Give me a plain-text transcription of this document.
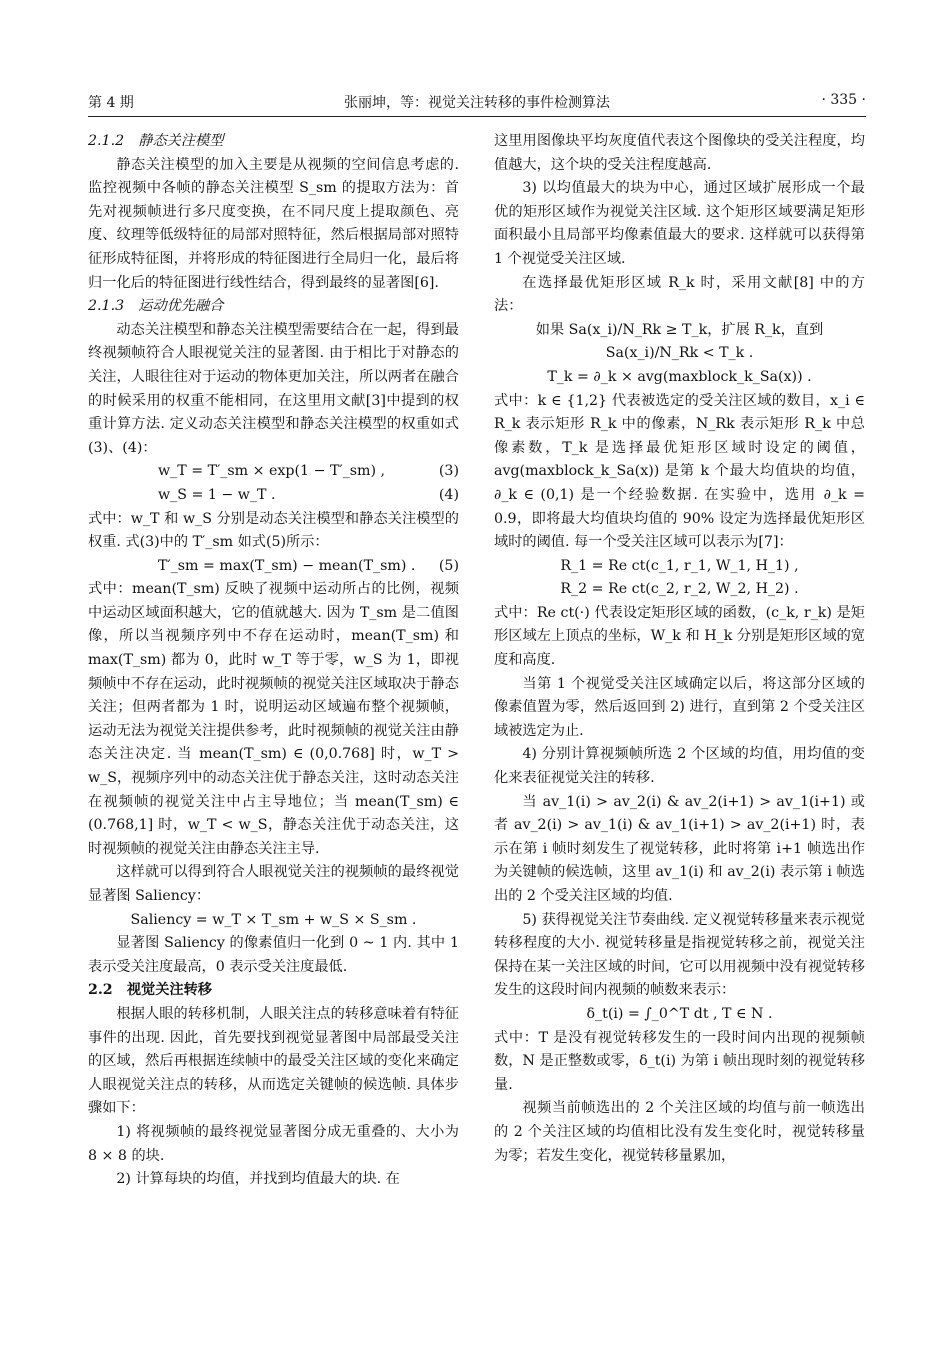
第 4 期	张丽坤，等：视觉关注转移的事件检测算法	· 335 ·

2.1.2　静态关注模型

静态关注模型的加入主要是从视频的空间信息考虑的. 监控视频中各帧的静态关注模型 S_sm 的提取方法为：首先对视频帧进行多尺度变换，在不同尺度上提取颜色、亮度、纹理等低级特征的局部对照特征，然后根据局部对照特征形成特征图，并将形成的特征图进行全局归一化，最后将归一化后的特征图进行线性结合，得到最终的显著图[6].

2.1.3　运动优先融合

动态关注模型和静态关注模型需要结合在一起，得到最终视频帧符合人眼视觉关注的显著图. 由于相比于对静态的关注，人眼往往对于运动的物体更加关注，所以两者在融合的时候采用的权重不能相同，在这里用文献[3]中提到的权重计算方法. 定义动态关注模型和静态关注模型的权重如式(3)、(4)：

w_T = T′_sm × exp(1 − T′_sm) ,	(3)

w_S = 1 − w_T .	(4)

式中：w_T 和 w_S 分别是动态关注模型和静态关注模型的权重. 式(3)中的 T′_sm 如式(5)所示：

T′_sm = max(T_sm) − mean(T_sm) . (5)

式中：mean(T_sm) 反映了视频中运动所占的比例，视频中运动区域面积越大，它的值就越大. 因为 T_sm 是二值图像，所以当视频序列中不存在运动时，mean(T_sm) 和 max(T_sm) 都为 0，此时 w_T 等于零，w_S 为 1，即视频帧中不存在运动，此时视频帧的视觉关注区域取决于静态关注；但两者都为 1 时，说明运动区域遍布整个视频帧，运动无法为视觉关注提供参考，此时视频帧的视觉关注由静态关注决定. 当 mean(T_sm) ∈ (0,0.768] 时，w_T > w_S，视频序列中的动态关注优于静态关注，这时动态关注在视频帧的视觉关注中占主导地位；当 mean(T_sm) ∈ (0.768,1] 时，w_T < w_S，静态关注优于动态关注，这时视频帧的视觉关注由静态关注主导.

这样就可以得到符合人眼视觉关注的视频帧的最终视觉显著图 Saliency：

Saliency = w_T × T_sm + w_S × S_sm .

显著图 Saliency 的像素值归一化到 0 ~ 1 内. 其中 1 表示受关注度最高，0 表示受关注度最低.

2.2　视觉关注转移

根据人眼的转移机制，人眼关注点的转移意味着有特征事件的出现. 因此，首先要找到视觉显著图中局部最受关注的区域，然后再根据连续帧中的最受关注区域的变化来确定人眼视觉关注点的转移，从而选定关键帧的候选帧. 具体步骤如下：

1) 将视频帧的最终视觉显著图分成无重叠的、大小为 8 × 8 的块.

2) 计算每块的均值，并找到均值最大的块. 在

这里用图像块平均灰度值代表这个图像块的受关注程度，均值越大，这个块的受关注程度越高.

3) 以均值最大的块为中心，通过区域扩展形成一个最优的矩形区域作为视觉关注区域. 这个矩形区域要满足矩形面积最小且局部平均像素值最大的要求. 这样就可以获得第 1 个视觉受关注区域.

在选择最优矩形区域 R_k 时，采用文献[8] 中的方法：

如果 Sa(x_i)/N_Rk ≥ T_k，扩展 R_k，直到 Sa(x_i)/N_Rk < T_k .

T_k = ∂_k × avg(maxblock_k_Sa(x)) .

式中：k ∈ {1,2} 代表被选定的受关注区域的数目，x_i ∈ R_k 表示矩形 R_k 中的像素，N_Rk 表示矩形 R_k 中总像素数，T_k 是选择最优矩形区域时设定的阈值，avg(maxblock_k_Sa(x)) 是第 k 个最大均值块的均值，∂_k ∈ (0,1) 是一个经验数据. 在实验中，选用 ∂_k = 0.9，即将最大均值块均值的 90% 设定为选择最优矩形区域时的阈值. 每一个受关注区域可以表示为[7]：

R_1 = Re ct(c_1, r_1, W_1, H_1) ,

R_2 = Re ct(c_2, r_2, W_2, H_2) .

式中：Re ct(·) 代表设定矩形区域的函数，(c_k, r_k) 是矩形区域左上顶点的坐标，W_k 和 H_k 分别是矩形区域的宽度和高度.

当第 1 个视觉受关注区域确定以后，将这部分区域的像素值置为零，然后返回到 2) 进行，直到第 2 个受关注区域被选定为止.

4) 分别计算视频帧所选 2 个区域的均值，用均值的变化来表征视觉关注的转移.

当 av_1(i) > av_2(i) & av_2(i+1) > av_1(i+1) 或者 av_2(i) > av_1(i) & av_1(i+1) > av_2(i+1) 时，表示在第 i 帧时刻发生了视觉转移，此时将第 i+1 帧选出作为关键帧的候选帧，这里 av_1(i) 和 av_2(i) 表示第 i 帧选出的 2 个受关注区域的均值.

5) 获得视觉关注节奏曲线. 定义视觉转移量来表示视觉转移程度的大小. 视觉转移量是指视觉转移之前，视觉关注保持在某一关注区域的时间，它可以用视频中没有视觉转移发生的这段时间内视频的帧数来表示：

δ_t(i) = ∫_0^T dt , T ∈ N .

式中：T 是没有视觉转移发生的一段时间内出现的视频帧数，N 是正整数或零，δ_t(i) 为第 i 帧出现时刻的视觉转移量.

视频当前帧选出的 2 个关注区域的均值与前一帧选出的 2 个关注区域的均值相比没有发生变化时，视觉转移量为零；若发生变化，视觉转移量累加，
